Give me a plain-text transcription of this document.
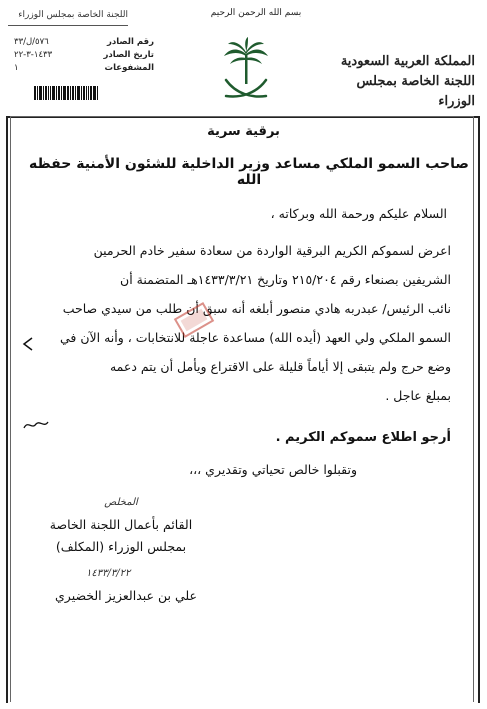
بسم الله الرحمن الرحيم
اللجنة الخاصة بمجلس الوزراء
رقم الصادر
٥٧٦/ل/٣٣
تاريخ الصادر
١٤٣٣-٣-٢٢
المشفوعات
١	المملكة العربية السعودية
اللجنة الخاصة بمجلس الوزراء
برقية سرية
صاحب السمو الملكي مساعد وزير الداخلية للشئون الأمنية حفظه الله
السلام عليكم ورحمة الله وبركاته ،

اعرض لسموكم الكريم البرقية الواردة من سعادة سفير خادم الحرمين

الشريفين بصنعاء رقم ٢١٥/٢٠٤ وتاريخ ١٤٣٣/٣/٢١هـ المتضمنة أن

نائب الرئيس/ عبدربه هادي منصور أبلغه أنه سبق أن طلب من سيدي صاحب

السمو الملكي ولي العهد (أيده الله) مساعدة عاجلة للانتخابات ، وأنه الآن في

وضع حرج ولم يتبقى إلا أياماً قليلة على الاقتراع ويأمل أن يتم دعمه

بمبلغ عاجل .

أرجو اطلاع سموكم الكريم .
وتقبلوا خالص تحياتي وتقديري ،،،
المخلص
القائم بأعمال اللجنة الخاصة
بمجلس الوزراء (المكلف)
١٤٣٣/٣/٢٢
علي بن عبدالعزيز الخضيري
